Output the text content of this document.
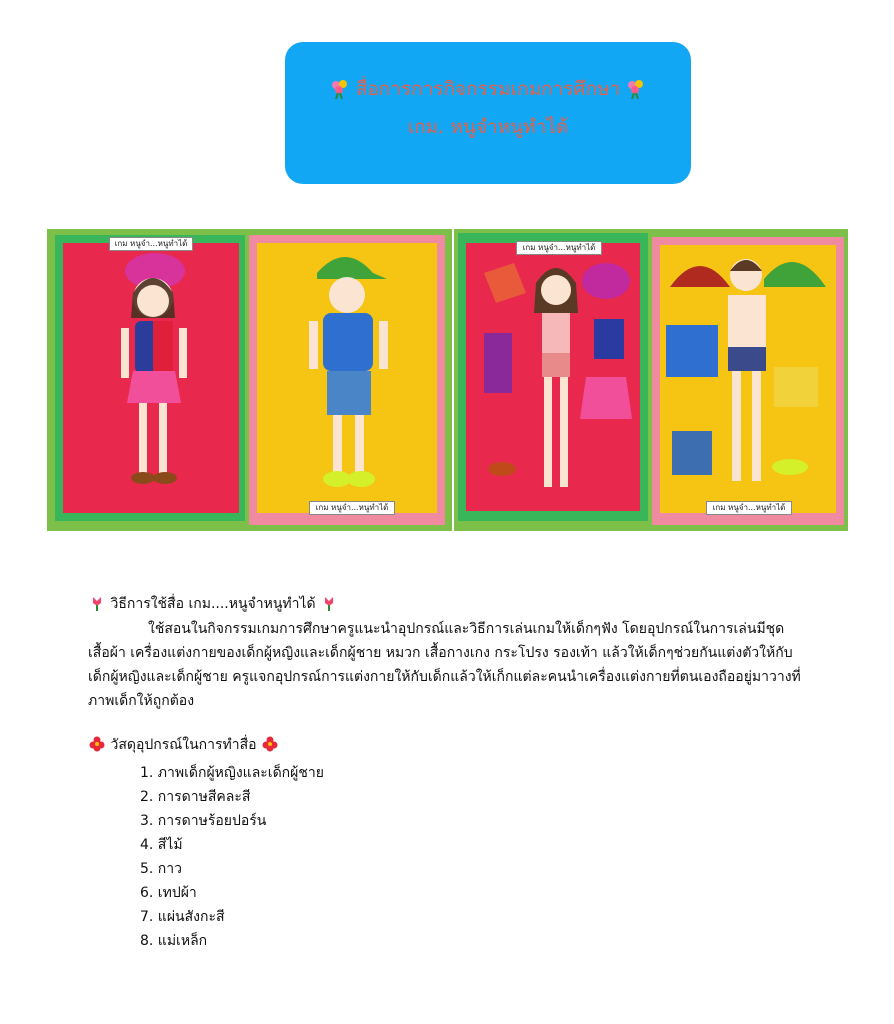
สื่อการการกิจกรรมเกมการศึกษา
เกม. หนูจำหนูทำได้
เกม หนูจำ...หนูทำได้
เกม หนูจำ...หนูทำได้
เกม หนูจำ...หนูทำได้
เกม หนูจำ...หนูทำได้
วิธีการใช้สื่อ เกม....หนูจำหนูทำได้

ใช้สอนในกิจกรรมเกมการศึกษาครูแนะนำอุปกรณ์และวิธีการเล่นเกมให้เด็กๆฟัง โดยอุปกรณ์ในการเล่นมีชุดเสื้อผ้า เครื่องแต่งกายของเด็กผู้หญิงและเด็กผู้ชาย หมวก เสื้อกางเกง กระโปรง รองเท้า แล้วให้เด็กๆช่วยกันแต่งตัวให้กับเด็กผู้หญิงและเด็กผู้ชาย ครูแจกอุปกรณ์การแต่งกายให้กับเด็กแล้วให้เก็กแต่ละคนนำเครื่องแต่งกายที่ตนเองถืออยู่มาวางที่ภาพเด็กให้ถูกต้อง

วัสดุอุปกรณ์ในการทำสื่อ
1. ภาพเด็กผู้หญิงและเด็กผู้ชาย
2. การดาษสีคละสี
3. การดาษร้อยปอร์น
4. สีไม้
5. กาว
6. เทปผ้า
7. แผ่นสังกะสี
8. แม่เหล็ก
